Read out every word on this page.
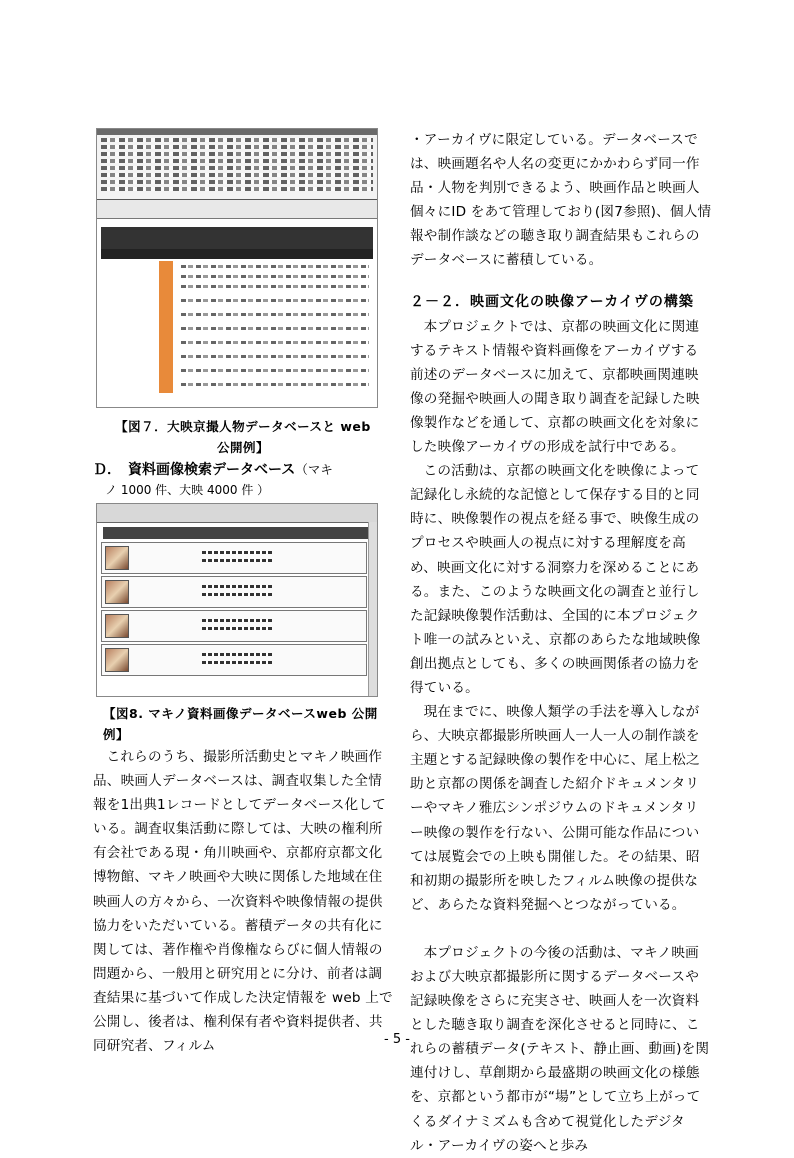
【図７．大映京撮人物データベースと web
公開例】

Ｄ．　資料画像検索データベース（マキ
ノ 1000 件、大映 4000 件 ）

【図8. マキノ資料画像データベースweb 公開
例】

これらのうち、撮影所活動史とマキノ映画作品、映画人データベースは、調査収集した全情報を1出典1レコードとしてデータベース化している。調査収集活動に際しては、大映の権利所有会社である現・角川映画や、京都府京都文化博物館、マキノ映画や大映に関係した地域在住映画人の方々から、一次資料や映像情報の提供協力をいただいている。蓄積データの共有化に関しては、著作権や肖像権ならびに個人情報の問題から、一般用と研究用とに分け、前者は調査結果に基づいて作成した決定情報を web 上で公開し、後者は、権利保有者や資料提供者、共同研究者、フィルム

・アーカイヴに限定している。データベースでは、映画題名や人名の変更にかかわらず同一作品・人物を判別できるよう、映画作品と映画人個々にID をあて管理しており(図7参照)、個人情報や制作談などの聴き取り調査結果もこれらのデータベースに蓄積している。

２－２．映画文化の映像アーカイヴの構築

本プロジェクトでは、京都の映画文化に関連するテキスト情報や資料画像をアーカイヴする前述のデータベースに加えて、京都映画関連映像の発掘や映画人の聞き取り調査を記録した映像製作などを通して、京都の映画文化を対象にした映像アーカイヴの形成を試行中である。

この活動は、京都の映画文化を映像によって記録化し永続的な記憶として保存する目的と同時に、映像製作の視点を経る事で、映像生成のプロセスや映画人の視点に対する理解度を高め、映画文化に対する洞察力を深めることにある。また、このような映画文化の調査と並行した記録映像製作活動は、全国的に本プロジェクト唯一の試みといえ、京都のあらたな地域映像創出拠点としても、多くの映画関係者の協力を得ている。

現在までに、映像人類学の手法を導入しながら、大映京都撮影所映画人一人一人の制作談を主題とする記録映像の製作を中心に、尾上松之助と京都の関係を調査した紹介ドキュメンタリーやマキノ雅広シンポジウムのドキュメンタリー映像の製作を行ない、公開可能な作品については展覧会での上映も開催した。その結果、昭和初期の撮影所を映したフィルム映像の提供など、あらたな資料発掘へとつながっている。

本プロジェクトの今後の活動は、マキノ映画および大映京都撮影所に関するデータベースや記録映像をさらに充実させ、映画人を一次資料とした聴き取り調査を深化させると同時に、これらの蓄積データ(テキスト、静止画、動画)を関連付けし、草創期から最盛期の映画文化の様態を、京都という都市が“場”として立ち上がってくるダイナミズムも含めて視覚化したデジタル・アーカイヴの姿へと歩み

- 5 -
